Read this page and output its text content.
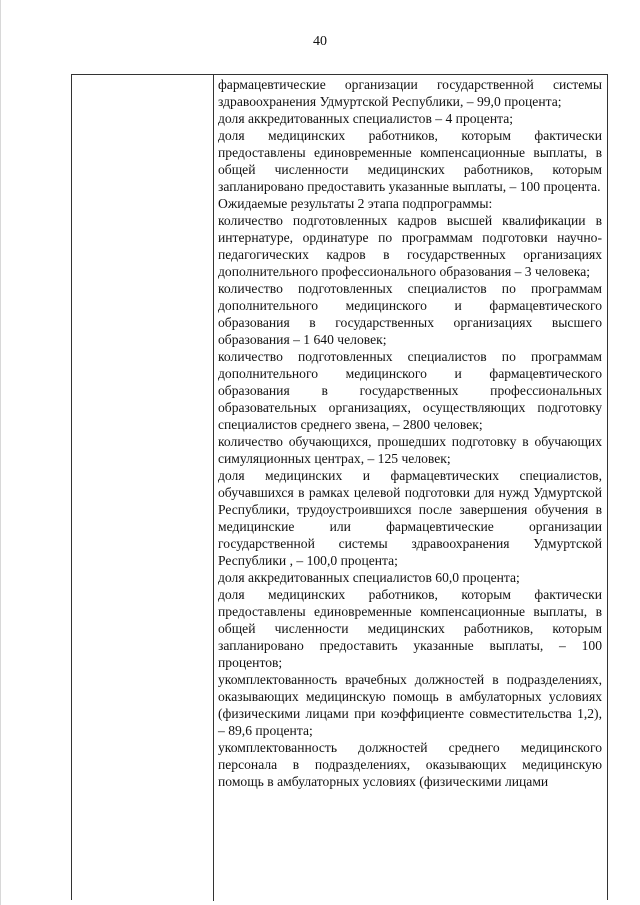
40

фармацевтические организации государственной системы здравоохранения Удмуртской Республики, – 99,0 процента;

доля аккредитованных специалистов – 4 процента;

доля медицинских работников, которым фактически предоставлены единовременные компенсационные выплаты, в общей численности медицинских работников, которым запланировано предоставить указанные выплаты, – 100 процента.

Ожидаемые результаты 2 этапа подпрограммы:

количество подготовленных кадров высшей квалификации в интернатуре, ординатуре по программам подготовки научно-педагогических кадров в государственных организациях дополнительного профессионального образования – 3 человека;

количество подготовленных специалистов по программам дополнительного медицинского и фармацевтического образования в государственных организациях высшего образования – 1 640 человек;

количество подготовленных специалистов по программам дополнительного медицинского и фармацевтического образования в государственных профессиональных образовательных организациях, осуществляющих подготовку специалистов среднего звена, – 2800 человек;

количество обучающихся, прошедших подготовку в обучающих симуляционных центрах, – 125 человек;

доля медицинских и фармацевтических специалистов, обучавшихся в рамках целевой подготовки для нужд Удмуртской Республики, трудоустроившихся после завершения обучения в медицинские или фармацевтические организации государственной системы здравоохранения Удмуртской Республики , – 100,0 процента;

доля аккредитованных специалистов 60,0 процента;

доля медицинских работников, которым фактически предоставлены единовременные компенсационные выплаты, в общей численности медицинских работников, которым запланировано предоставить указанные выплаты, – 100 процентов;

укомплектованность врачебных должностей в подразделениях, оказывающих медицинскую помощь в амбулаторных условиях (физическими лицами при коэффициенте совместительства 1,2), – 89,6 процента;

укомплектованность должностей среднего медицинского персонала в подразделениях, оказывающих медицинскую помощь в амбулаторных условиях (физическими лицами
